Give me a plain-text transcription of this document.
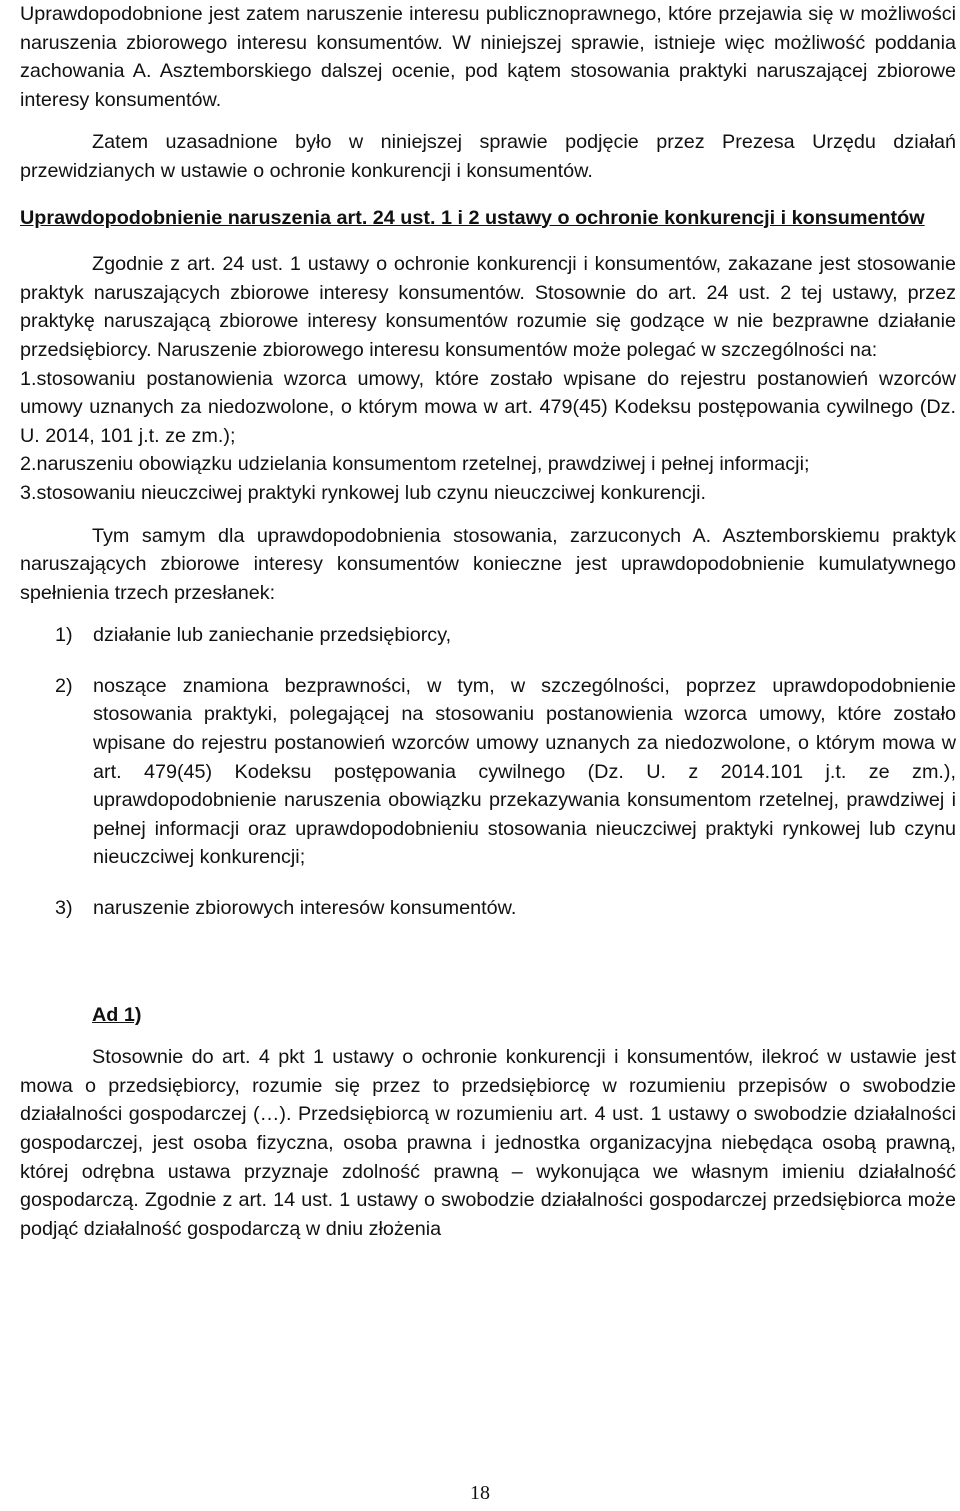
Uprawdopodobnione jest zatem naruszenie interesu publicznoprawnego, które przejawia się w możliwości naruszenia zbiorowego interesu konsumentów. W niniejszej sprawie, istnieje więc możliwość poddania zachowania A. Asztemborskiego dalszej ocenie, pod kątem stosowania praktyki naruszającej zbiorowe interesy konsumentów.

Zatem uzasadnione było w niniejszej sprawie podjęcie przez Prezesa Urzędu działań przewidzianych w ustawie o ochronie konkurencji i konsumentów.

Uprawdopodobnienie naruszenia art. 24 ust. 1 i 2 ustawy o ochronie konkurencji i konsumentów

Zgodnie z art. 24 ust. 1 ustawy o ochronie konkurencji i konsumentów, zakazane jest stosowanie praktyk naruszających zbiorowe interesy konsumentów. Stosownie do art. 24 ust. 2 tej ustawy, przez praktykę naruszającą zbiorowe interesy konsumentów rozumie się godzące w nie bezprawne działanie przedsiębiorcy. Naruszenie zbiorowego interesu konsumentów może polegać w szczególności na:

1.stosowaniu postanowienia wzorca umowy, które zostało wpisane do rejestru postanowień wzorców umowy uznanych za niedozwolone, o którym mowa w art. 479(45) Kodeksu postępowania cywilnego (Dz. U. 2014, 101 j.t. ze zm.);

2.naruszeniu obowiązku udzielania konsumentom rzetelnej, prawdziwej i pełnej informacji;

3.stosowaniu nieuczciwej praktyki rynkowej lub czynu nieuczciwej konkurencji.

Tym samym dla uprawdopodobnienia stosowania, zarzuconych A. Asztemborskiemu praktyk naruszających zbiorowe interesy konsumentów konieczne jest uprawdopodobnienie kumulatywnego spełnienia trzech przesłanek:

1) działanie lub zaniechanie przedsiębiorcy,
2) noszące znamiona bezprawności, w tym, w szczególności, poprzez uprawdopodobnienie stosowania praktyki, polegającej na stosowaniu postanowienia wzorca umowy, które zostało wpisane do rejestru postanowień wzorców umowy uznanych za niedozwolone, o którym mowa w art. 479(45) Kodeksu postępowania cywilnego (Dz. U. z 2014.101 j.t. ze zm.), uprawdopodobnienie naruszenia obowiązku przekazywania konsumentom rzetelnej, prawdziwej i pełnej informacji oraz uprawdopodobnieniu stosowania nieuczciwej praktyki rynkowej lub czynu nieuczciwej konkurencji;
3) naruszenie zbiorowych interesów konsumentów.

Ad 1)

Stosownie do art. 4 pkt 1 ustawy o ochronie konkurencji i konsumentów, ilekroć w ustawie jest mowa o przedsiębiorcy, rozumie się przez to przedsiębiorcę w rozumieniu przepisów o swobodzie działalności gospodarczej (…). Przedsiębiorcą w rozumieniu art. 4 ust. 1 ustawy o swobodzie działalności gospodarczej, jest osoba fizyczna, osoba prawna i jednostka organizacyjna niebędąca osobą prawną, której odrębna ustawa przyznaje zdolność prawną – wykonująca we własnym imieniu działalność gospodarczą. Zgodnie z art. 14 ust. 1 ustawy o swobodzie działalności gospodarczej przedsiębiorca może podjąć działalność gospodarczą w dniu złożenia

18
